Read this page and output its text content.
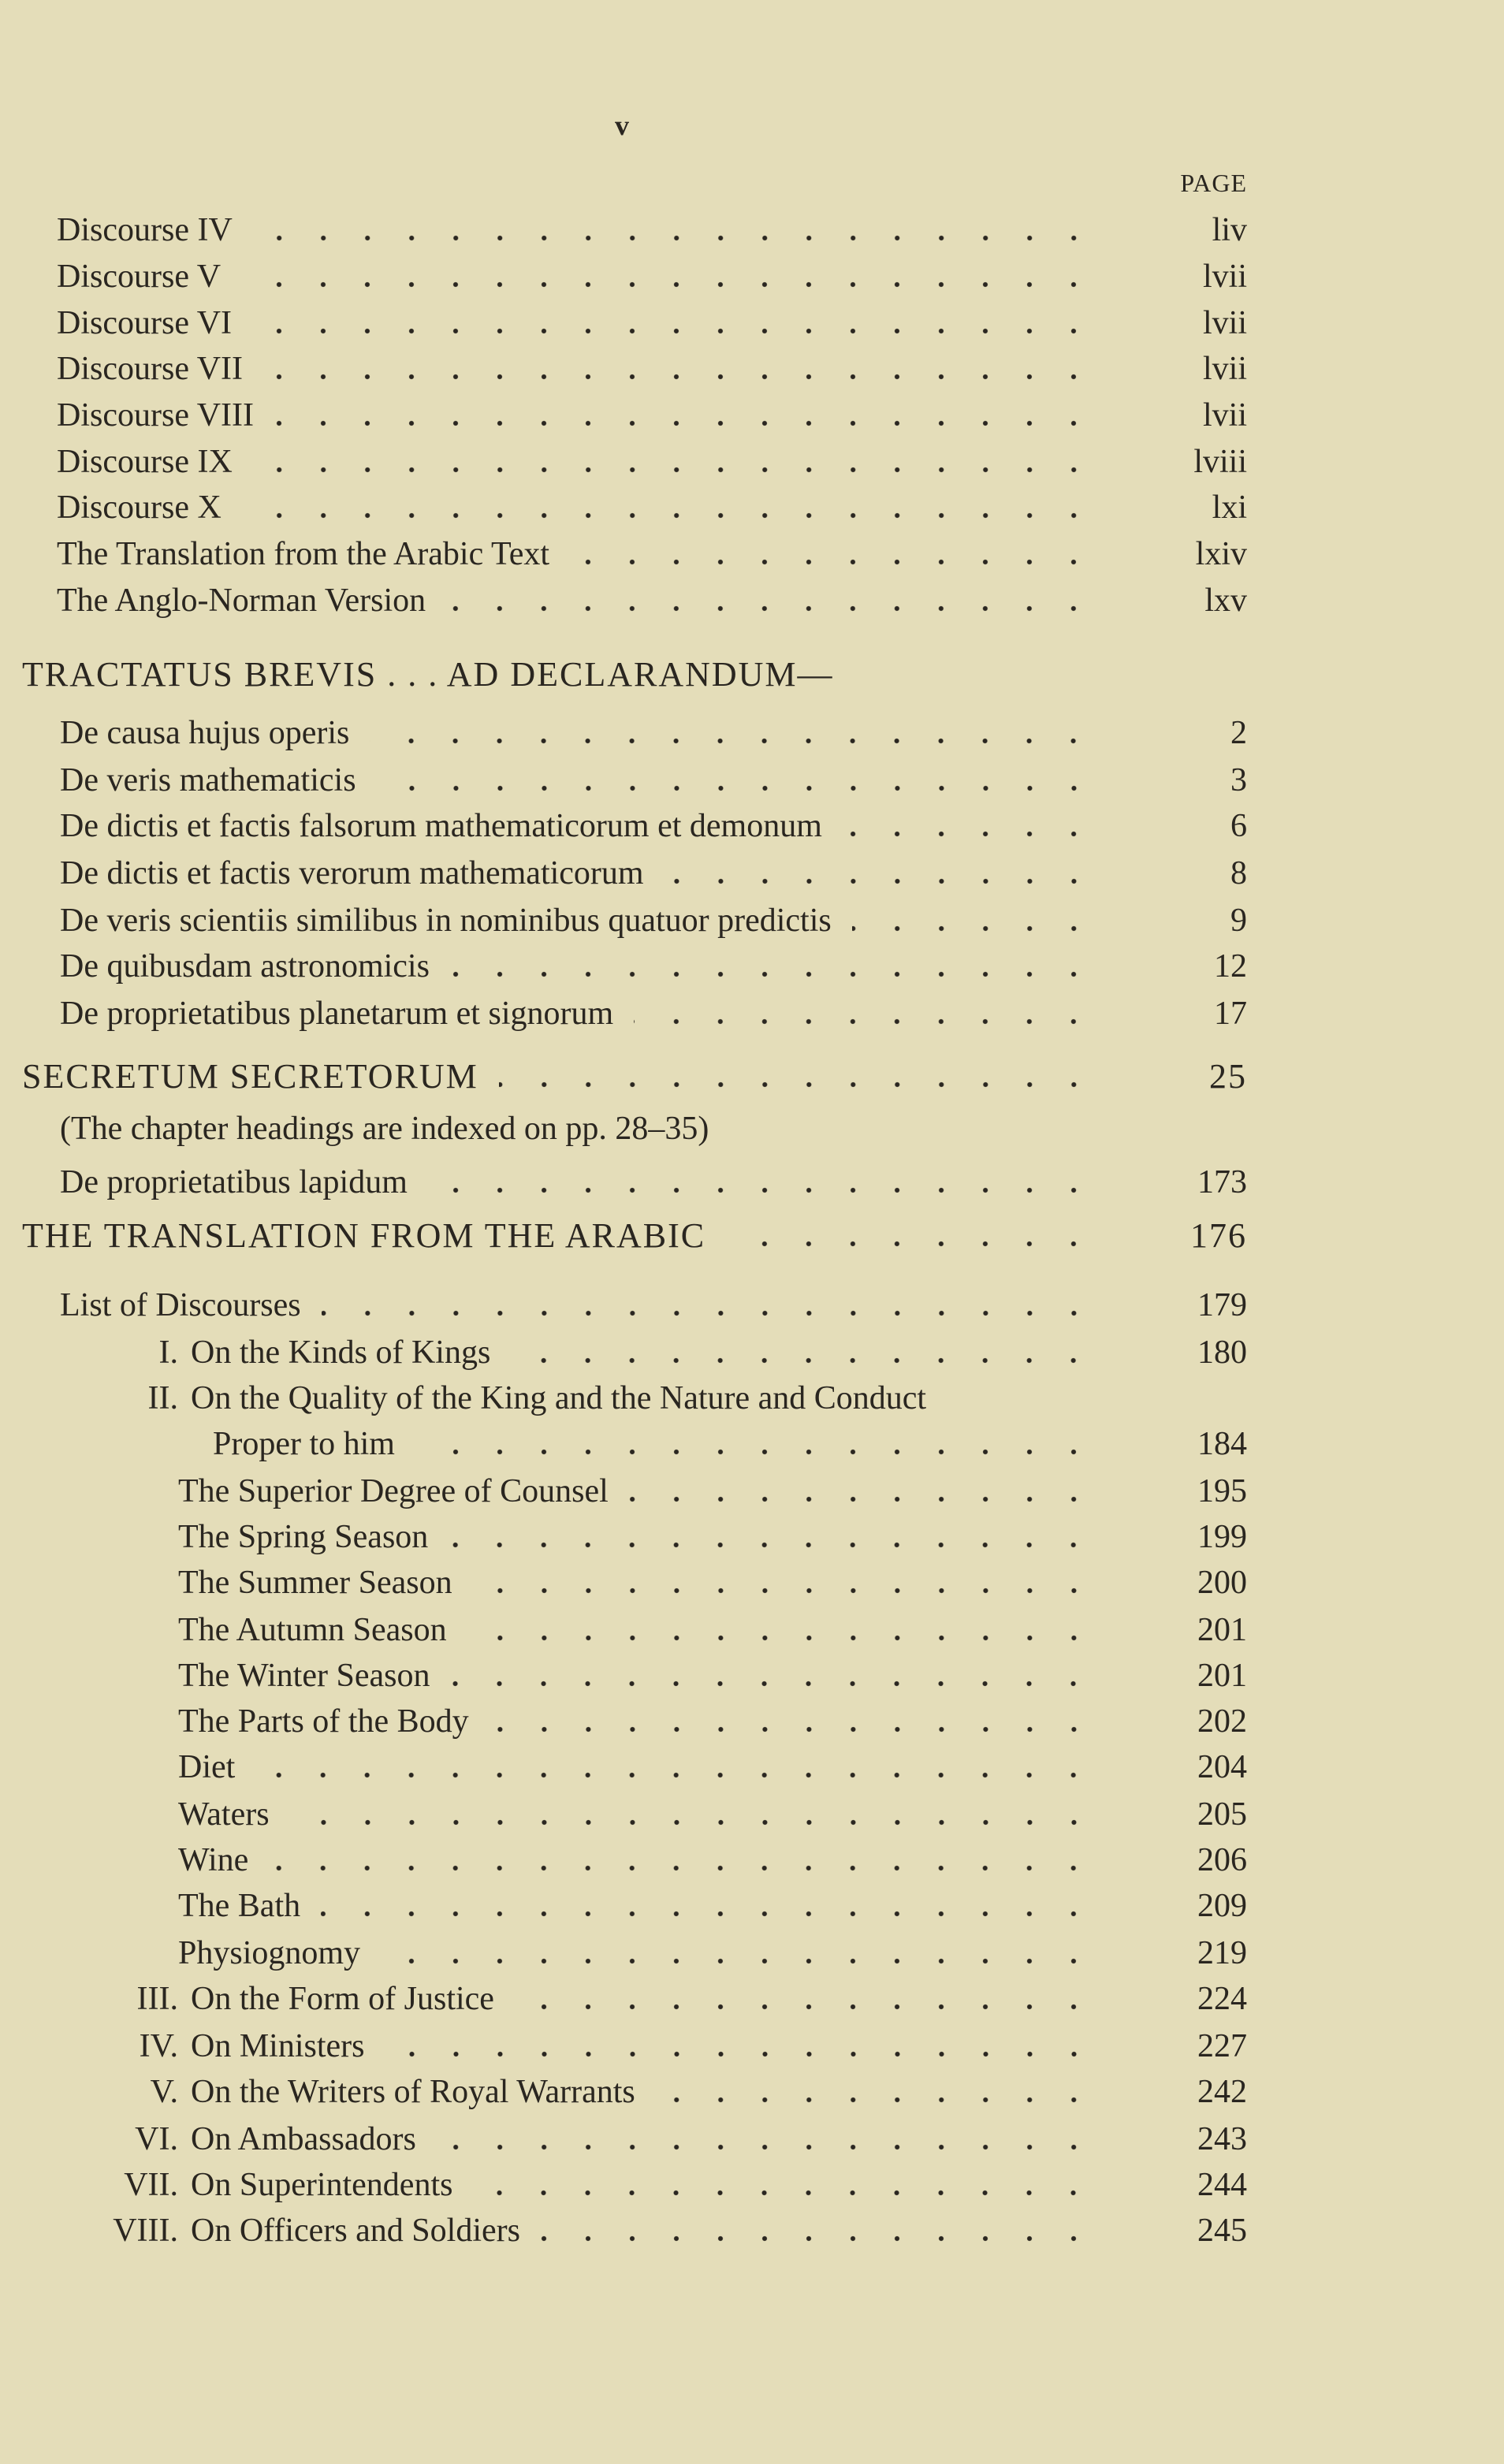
v
PAGE
Discourse IV	liv
Discourse V	lvii
Discourse VI	lvii
Discourse VII	lvii
Discourse VIII	lvii
Discourse IX	lviii
Discourse X	lxi
The Translation from the Arabic Text	lxiv
The Anglo-Norman Version	lxv
TRACTATUS BREVIS . . . AD DECLARANDUM—
De causa hujus operis	2
De veris mathematicis	3
De dictis et factis falsorum mathematicorum et demonum	6
De dictis et factis verorum mathematicorum	8
De veris scientiis similibus in nominibus quatuor predictis	9
De quibusdam astronomicis	12
De proprietatibus planetarum et signorum	17
SECRETUM SECRETORUM	25
(The chapter headings are indexed on pp. 28–35)
De proprietatibus lapidum	173
THE TRANSLATION FROM THE ARABIC	176
List of Discourses	179
I. On the Kinds of Kings	180
II. On the Quality of the King and the Nature and Conduct
Proper to him	184
The Superior Degree of Counsel	195
The Spring Season	199
The Summer Season	200
The Autumn Season	201
The Winter Season	201
The Parts of the Body	202
Diet	204
Waters	205
Wine	206
The Bath	209
Physiognomy	219
III. On the Form of Justice	224
IV. On Ministers	227
V. On the Writers of Royal Warrants	242
VI. On Ambassadors	243
VII. On Superintendents	244
VIII. On Officers and Soldiers	245
